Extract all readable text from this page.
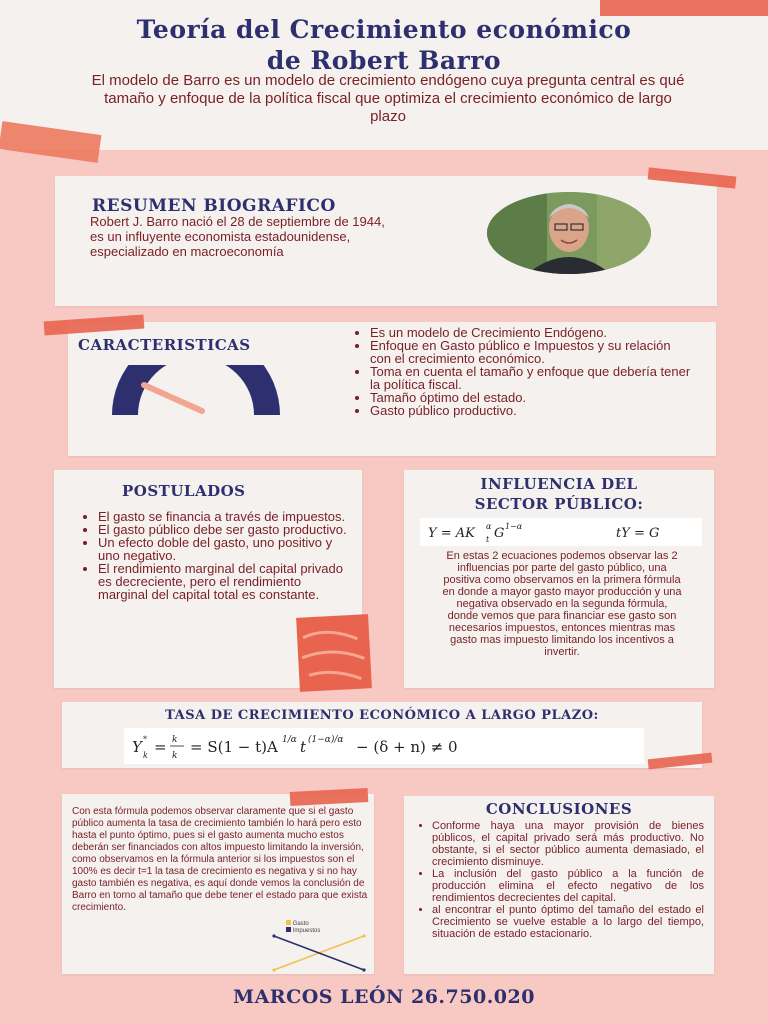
Teoría del Crecimiento económico
de Robert Barro
El modelo de Barro es un modelo de crecimiento endógeno cuya pregunta central es qué tamaño y enfoque de la política fiscal que optimiza el crecimiento económico de largo plazo
RESUMEN BIOGRAFICO
Robert J. Barro nació el 28 de septiembre de 1944, es un influyente economista estadounidense, especializado en macroeconomía
CARACTERISTICAS
• Es un modelo de Crecimiento Endógeno.
• Enfoque en Gasto público e Impuestos y su relación con el crecimiento económico.
• Toma en cuenta el tamaño y enfoque que debería tener la política fiscal.
• Tamaño óptimo del estado.
• Gasto público productivo.
POSTULADOS
• El gasto se financia a través de impuestos.
• El gasto público debe ser gasto productivo.
• Un efecto doble del gasto, uno positivo y uno negativo.
• El rendimiento marginal del capital privado es decreciente, pero el rendimiento marginal del capital total es constante.
INFLUENCIA DEL
SECTOR PÚBLICO:
Y = AK α
t G 1−α	tY = G
En estas 2 ecuaciones podemos observar las 2 influencias por parte del gasto público, una positiva como observamos en la primera fórmula en donde a mayor gasto mayor producción y una negativa observado en la segunda fórmula, donde vemos que para financiar ese gasto son necesarios impuestos, entonces mientras mas gasto mas impuesto limitando los incentivos a invertir.
TASA DE CRECIMIENTO ECONÓMICO A LARGO PLAZO:
Y *
k = k
k = S(1 − t)A 1/α t (1−α)/α − (δ + n) ≠ 0
Con esta fórmula podemos observar claramente que si el gasto público aumenta la tasa de crecimiento también lo hará pero esto hasta el punto óptimo, pues si el gasto aumenta mucho estos deberán ser financiados con altos impuesto limitando la inversión, como observamos en la fórmula anterior si los impuestos son el 100% es decir t=1 la tasa de crecimiento es negativa y si no hay gasto también es negativa, es aquí donde vemos la conclusión de Barro en torno al tamaño que debe tener el estado para que exista crecimiento.
Gasto
Impuestos
CONCLUSIONES
• Conforme haya una mayor provisión de bienes públicos, el capital privado será más productivo. No obstante, si el sector público aumenta demasiado, el crecimiento disminuye.
• La inclusión del gasto público a la función de producción elimina el efecto negativo de los rendimientos decrecientes del capital.
• al encontrar el punto óptimo del tamaño del estado el Crecimiento se vuelve estable a lo largo del tiempo, situación de estado estacionario.
MARCOS LEÓN 26.750.020
